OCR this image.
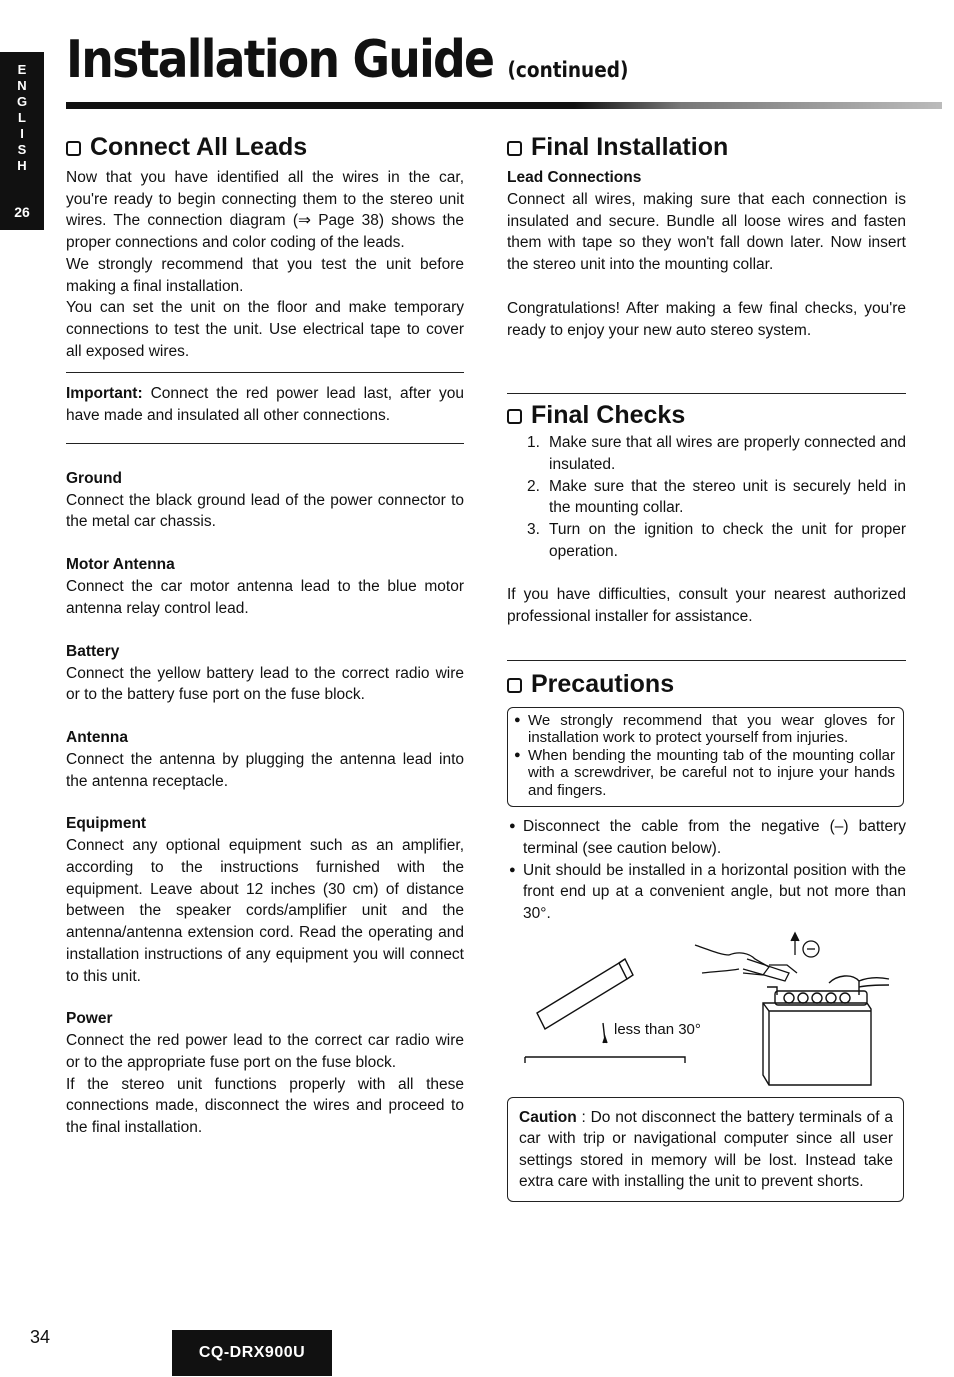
E
N
G
L
I
S
H
26
Installation Guide (continued)
Connect All Leads

Now that you have identified all the wires in the car, you're ready to begin connecting them to the stereo unit wires. The connection diagram (⇒ Page 38) shows the proper connections and color coding of the leads.

We strongly recommend that you test the unit before making a final installation.

You can set the unit on the floor and make temporary connections to test the unit. Use electrical tape to cover all exposed wires.

Important: Connect the red power lead last, after you have made and insulated all other connections.

Ground

Connect the black ground lead of the power connector to the metal car chassis.

Motor Antenna

Connect the car motor antenna lead to the blue motor antenna relay control lead.

Battery

Connect the yellow battery lead to the correct radio wire or to the battery fuse port on the fuse block.

Antenna

Connect the antenna by plugging the antenna lead into the antenna receptacle.

Equipment

Connect any optional equipment such as an amplifier, according to the instructions furnished with the equipment. Leave about 12 inches (30 cm) of distance between the speaker cords/amplifier unit and the antenna/antenna extension cord. Read the operating and installation instructions of any equipment you will connect to this unit.

Power

Connect the red power lead to the correct car radio wire or to the appropriate fuse port on the fuse block.

If the stereo unit functions properly with all these connections made, disconnect the wires and proceed to the final installation.

Final Installation
Lead Connections

Connect all wires, making sure that each connection is insulated and secure. Bundle all loose wires and fasten them with tape so they won't fall down later. Now insert the stereo unit into the mounting collar.

Congratulations! After making a few final checks, you're ready to enjoy your new auto stereo system.

Final Checks
1. Make sure that all wires are properly connected and insulated.
2. Make sure that the stereo unit is securely held in the mounting collar.
3. Turn on the ignition to check the unit for proper operation.

If you have difficulties, consult your nearest authorized professional installer for assistance.

Precautions
● We strongly recommend that you wear gloves for installation work to protect yourself from injuries.
● When bending the mounting tab of the mounting collar with a screwdriver, be careful not to injure your hands and fingers.
● Disconnect the cable from the negative (–) battery terminal (see caution below).
● Unit should be installed in a horizontal position with the front end up at a convenient angle, but not more than 30°.
less than 30°

Caution : Do not disconnect the battery terminals of a car with trip or navigational computer since all user settings stored in memory will be lost. Instead take extra care with installing the unit to prevent shorts.

34
CQ-DRX900U
